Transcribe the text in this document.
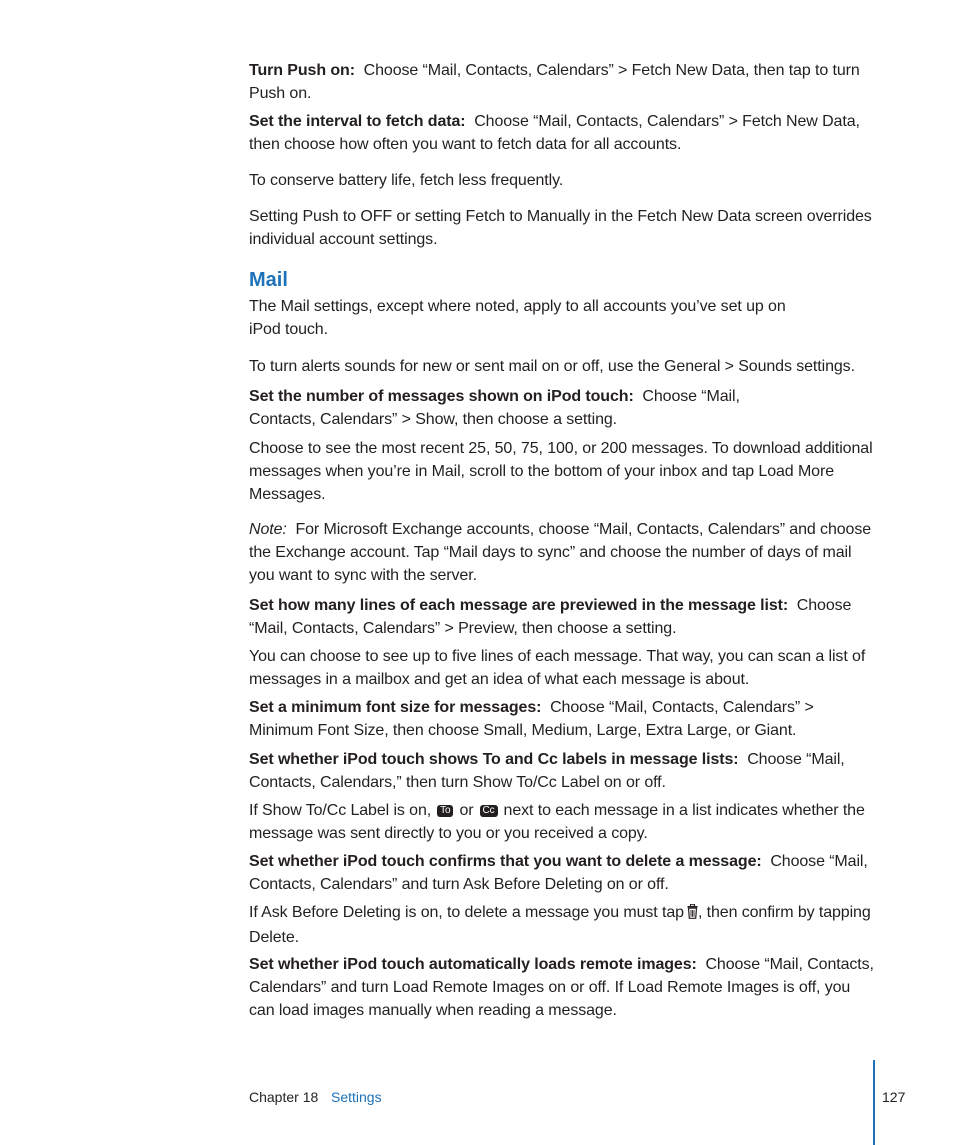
Turn Push on: Choose “Mail, Contacts, Calendars” > Fetch New Data, then tap to turn Push on.

Set the interval to fetch data: Choose “Mail, Contacts, Calendars” > Fetch New Data, then choose how often you want to fetch data for all accounts.

To conserve battery life, fetch less frequently.

Setting Push to OFF or setting Fetch to Manually in the Fetch New Data screen overrides individual account settings.

Mail

The Mail settings, except where noted, apply to all accounts you’ve set up on iPod touch.

To turn alerts sounds for new or sent mail on or off, use the General > Sounds settings.

Set the number of messages shown on iPod touch: Choose “Mail, Contacts, Calendars” > Show, then choose a setting.

Choose to see the most recent 25, 50, 75, 100, or 200 messages. To download additional messages when you’re in Mail, scroll to the bottom of your inbox and tap Load More Messages.

Note: For Microsoft Exchange accounts, choose “Mail, Contacts, Calendars” and choose the Exchange account. Tap “Mail days to sync” and choose the number of days of mail you want to sync with the server.

Set how many lines of each message are previewed in the message list: Choose “Mail, Contacts, Calendars” > Preview, then choose a setting.

You can choose to see up to five lines of each message. That way, you can scan a list of messages in a mailbox and get an idea of what each message is about.

Set a minimum font size for messages: Choose “Mail, Contacts, Calendars” > Minimum Font Size, then choose Small, Medium, Large, Extra Large, or Giant.

Set whether iPod touch shows To and Cc labels in message lists: Choose “Mail, Contacts, Calendars,” then turn Show To/Cc Label on or off.

If Show To/Cc Label is on, To or Cc next to each message in a list indicates whether the message was sent directly to you or you received a copy.

Set whether iPod touch confirms that you want to delete a message: Choose “Mail, Contacts, Calendars” and turn Ask Before Deleting on or off.

If Ask Before Deleting is on, to delete a message you must tap , then confirm by tapping Delete.

Set whether iPod touch automatically loads remote images: Choose “Mail, Contacts, Calendars” and turn Load Remote Images on or off. If Load Remote Images is off, you can load images manually when reading a message.

Chapter 18 Settings	127
